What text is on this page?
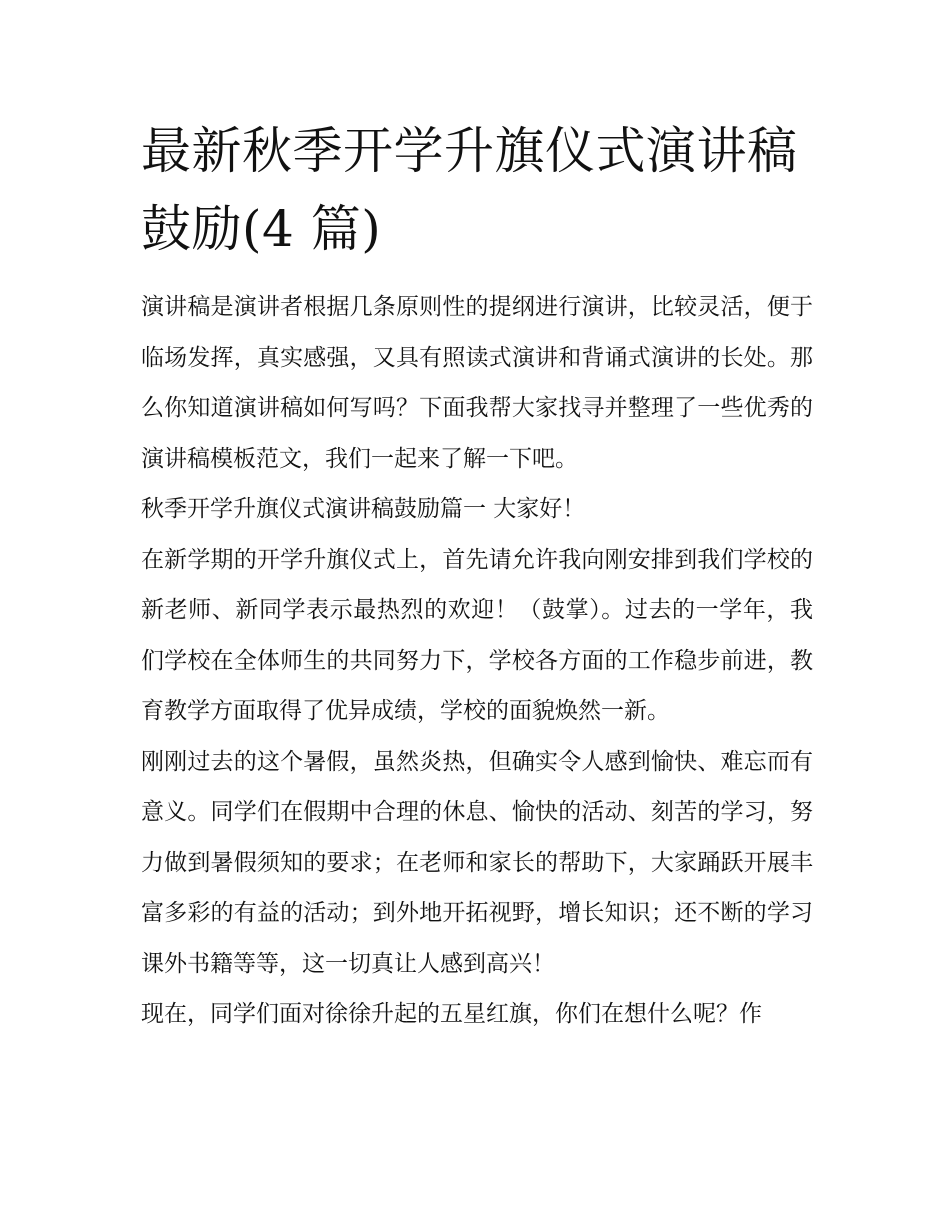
最新秋季开学升旗仪式演讲稿鼓励(4 篇)

演讲稿是演讲者根据几条原则性的提纲进行演讲，比较灵活，便于临场发挥，真实感强，又具有照读式演讲和背诵式演讲的长处。那么你知道演讲稿如何写吗？下面我帮大家找寻并整理了一些优秀的演讲稿模板范文，我们一起来了解一下吧。

秋季开学升旗仪式演讲稿鼓励篇一 大家好！

在新学期的开学升旗仪式上，首先请允许我向刚安排到我们学校的新老师、新同学表示最热烈的欢迎！（鼓掌）。过去的一学年，我们学校在全体师生的共同努力下，学校各方面的工作稳步前进，教育教学方面取得了优异成绩，学校的面貌焕然一新。

刚刚过去的这个暑假，虽然炎热，但确实令人感到愉快、难忘而有意义。同学们在假期中合理的休息、愉快的活动、刻苦的学习，努力做到暑假须知的要求；在老师和家长的帮助下，大家踊跃开展丰富多彩的有益的活动；到外地开拓视野，增长知识；还不断的学习课外书籍等等，这一切真让人感到高兴！

现在，同学们面对徐徐升起的五星红旗，你们在想什么呢？作
